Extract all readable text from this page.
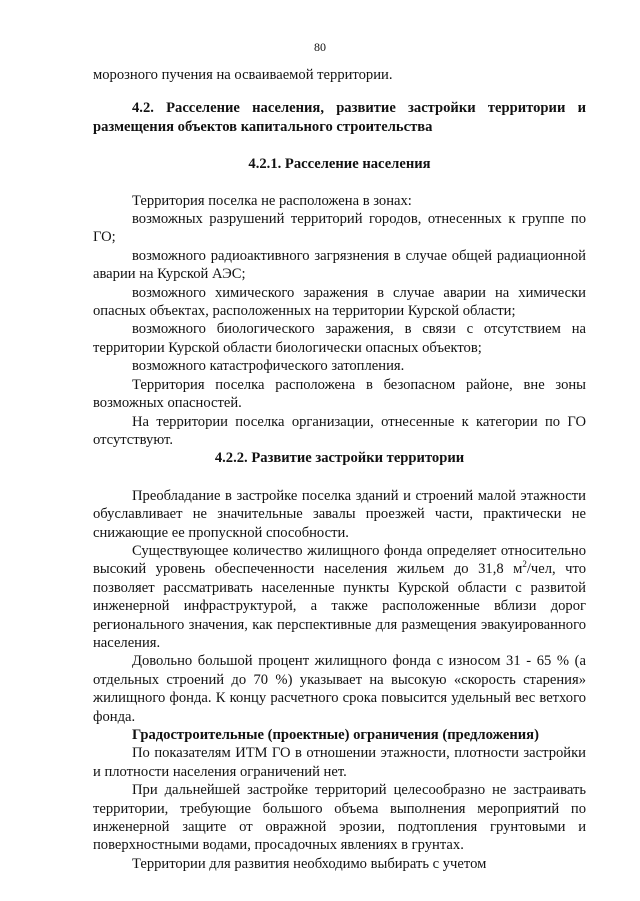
80

морозного пучения на осваиваемой территории.

4.2. Расселение населения, развитие застройки территории и размещения объектов капитального строительства

4.2.1. Расселение населения

Территория поселка не расположена в зонах:

возможных разрушений территорий городов, отнесенных к группе по ГО;

возможного радиоактивного загрязнения в случае общей радиационной аварии на Курской АЭС;

возможного химического заражения в случае аварии на химически опасных объектах, расположенных на территории Курской области;

возможного биологического заражения, в связи с отсутствием на территории Курской области биологически опасных объектов;

возможного катастрофического затопления.

Территория поселка расположена в безопасном районе, вне зоны возможных опасностей.

На территории поселка организации, отнесенные к категории по ГО отсутствуют.

4.2.2. Развитие застройки территории

Преобладание в застройке поселка зданий и строений малой этажности обуславливает не значительные завалы проезжей части, практически не снижающие ее пропускной способности.

Существующее количество жилищного фонда определяет относительно высокий уровень обеспеченности населения жильем до 31,8 $м^2$/чел, что позволяет рассматривать населенные пункты Курской области с развитой инженерной инфраструктурой, а также расположенные вблизи дорог регионального значения, как перспективные для размещения эвакуированного населения.

Довольно большой процент жилищного фонда с износом 31 - 65 % (а отдельных строений до 70 %) указывает на высокую «скорость старения» жилищного фонда. К концу расчетного срока повысится удельный вес ветхого фонда.

Градостроительные (проектные) ограничения (предложения)

По показателям ИТМ ГО в отношении этажности, плотности застройки и плотности населения ограничений нет.

При дальнейшей застройке территорий целесообразно не застраивать территории, требующие большого объема выполнения мероприятий по инженерной защите от овражной эрозии, подтопления грунтовыми и поверхностными водами, просадочных явлениях в грунтах.

Территории для развития необходимо выбирать с учетом
